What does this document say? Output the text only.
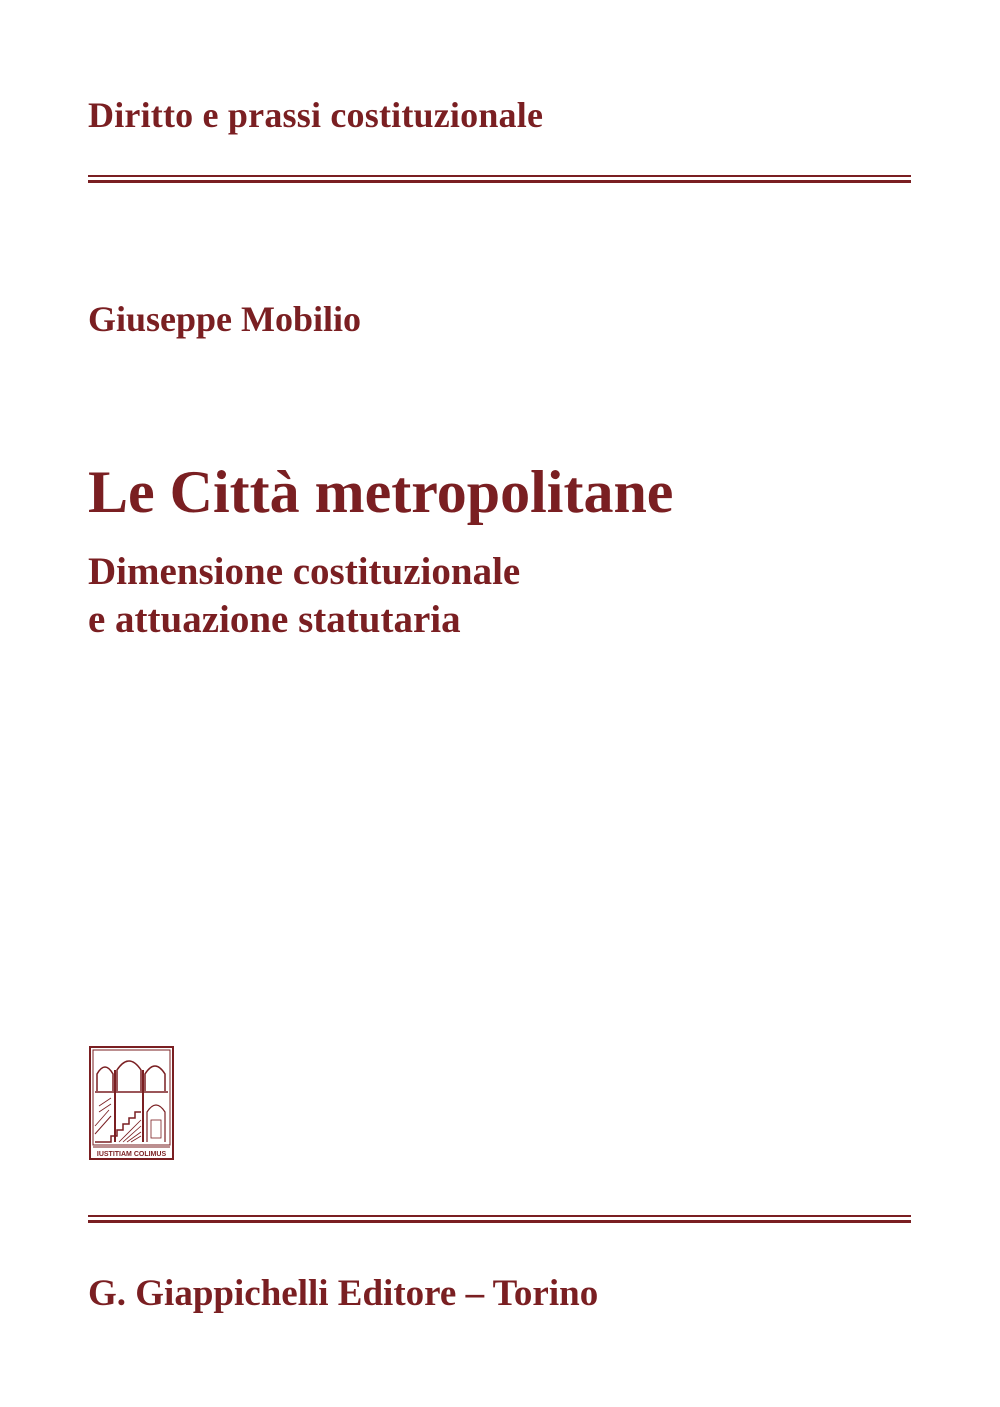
Diritto e prassi costituzionale
Giuseppe Mobilio
Le Città metropolitane
Dimensione costituzionale
e attuazione statutaria
IUSTITIAM COLIMUS
G. Giappichelli Editore – Torino
